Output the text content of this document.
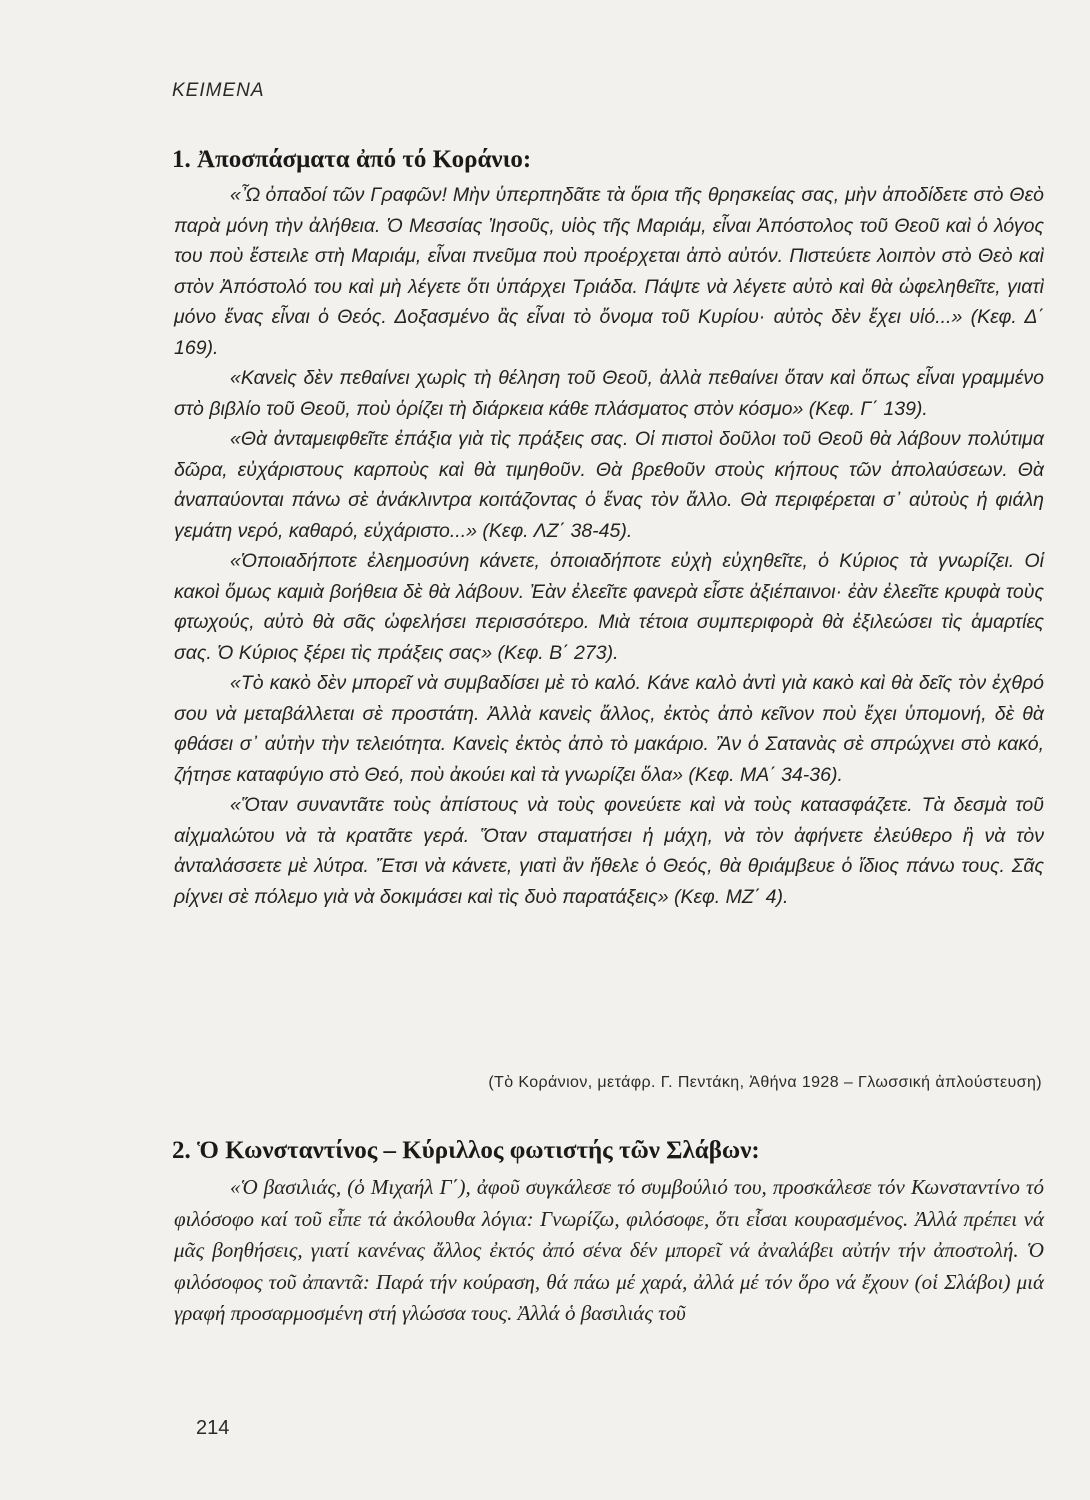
ΚΕΙΜΕΝΑ
1. Ἀποσπάσματα ἀπό τό Κοράνιο:

«Ὦ ὀπαδοί τῶν Γραφῶν! Μὴν ὑπερπηδᾶτε τὰ ὅρια τῆς θρησκείας σας, μὴν ἀποδίδετε στὸ Θεὸ παρὰ μόνη τὴν ἀλήθεια. Ὁ Μεσσίας Ἰησοῦς, υἱὸς τῆς Μαριάμ, εἶναι Ἀπόστολος τοῦ Θεοῦ καὶ ὁ λόγος του ποὺ ἔστειλε στὴ Μαριάμ, εἶναι πνεῦμα ποὺ προέρχεται ἀπὸ αὐτόν. Πιστεύετε λοιπὸν στὸ Θεὸ καὶ στὸν Ἀπόστολό του καὶ μὴ λέγετε ὅτι ὑπάρχει Τριάδα. Πάψτε νὰ λέγετε αὐτὸ καὶ θὰ ὠφεληθεῖτε, γιατὶ μόνο ἕνας εἶναι ὁ Θεός. Δοξασμένο ἂς εἶναι τὸ ὄνομα τοῦ Κυρίου· αὐτὸς δὲν ἔχει υἱό...» (Κεφ. Δ΄ 169).

«Κανεὶς δὲν πεθαίνει χωρὶς τὴ θέληση τοῦ Θεοῦ, ἀλλὰ πεθαίνει ὅταν καὶ ὅπως εἶναι γραμμένο στὸ βιβλίο τοῦ Θεοῦ, ποὺ ὁρίζει τὴ διάρκεια κάθε πλάσματος στὸν κόσμο» (Κεφ. Γ΄ 139).

«Θὰ ἀνταμειφθεῖτε ἐπάξια γιὰ τὶς πράξεις σας. Οἱ πιστοὶ δοῦλοι τοῦ Θεοῦ θὰ λάβουν πολύτιμα δῶρα, εὐχάριστους καρποὺς καὶ θὰ τιμηθοῦν. Θὰ βρεθοῦν στοὺς κήπους τῶν ἀπολαύσεων. Θὰ ἀναπαύονται πάνω σὲ ἀνάκλιντρα κοιτάζοντας ὁ ἕνας τὸν ἄλλο. Θὰ περιφέρεται σ᾽ αὐτοὺς ἡ φιάλη γεμάτη νερό, καθαρό, εὐχάριστο...» (Κεφ. ΛΖ΄ 38-45).

«Ὁποιαδήποτε ἐλεημοσύνη κάνετε, ὁποιαδήποτε εὐχὴ εὐχηθεῖτε, ὁ Κύριος τὰ γνωρίζει. Οἱ κακοὶ ὅμως καμιὰ βοήθεια δὲ θὰ λάβουν. Ἐὰν ἐλεεῖτε φανερὰ εἶστε ἀξιέπαινοι· ἐὰν ἐλεεῖτε κρυφὰ τοὺς φτωχούς, αὐτὸ θὰ σᾶς ὠφελήσει περισσότερο. Μιὰ τέτοια συμπεριφορὰ θὰ ἐξιλεώσει τὶς ἁμαρτίες σας. Ὁ Κύριος ξέρει τὶς πράξεις σας» (Κεφ. Β΄ 273).

«Τὸ κακὸ δὲν μπορεῖ νὰ συμβαδίσει μὲ τὸ καλό. Κάνε καλὸ ἀντὶ γιὰ κακὸ καὶ θὰ δεῖς τὸν ἐχθρό σου νὰ μεταβάλλεται σὲ προστάτη. Ἀλλὰ κανεὶς ἄλλος, ἐκτὸς ἀπὸ κεῖνον ποὺ ἔχει ὑπομονή, δὲ θὰ φθάσει σ᾽ αὐτὴν τὴν τελειότητα. Κανεὶς ἐκτὸς ἀπὸ τὸ μακάριο. Ἂν ὁ Σατανὰς σὲ σπρώχνει στὸ κακό, ζήτησε καταφύγιο στὸ Θεό, ποὺ ἀκούει καὶ τὰ γνωρίζει ὅλα» (Κεφ. ΜΑ΄ 34-36).

«Ὅταν συναντᾶτε τοὺς ἀπίστους νὰ τοὺς φονεύετε καὶ νὰ τοὺς κατασφάζετε. Τὰ δεσμὰ τοῦ αἰχμαλώτου νὰ τὰ κρατᾶτε γερά. Ὅταν σταματήσει ἡ μάχη, νὰ τὸν ἀφήνετε ἐλεύθερο ἢ νὰ τὸν ἀνταλάσσετε μὲ λύτρα. Ἔτσι νὰ κάνετε, γιατὶ ἂν ἤθελε ὁ Θεός, θὰ θριάμβευε ὁ ἴδιος πάνω τους. Σᾶς ρίχνει σὲ πόλεμο γιὰ νὰ δοκιμάσει καὶ τὶς δυὸ παρατάξεις» (Κεφ. ΜΖ΄ 4).

(Τὸ Κοράνιον, μετάφρ. Γ. Πεντάκη, Ἀθήνα 1928 – Γλωσσική ἀπλούστευση)
2. Ὁ Κωνσταντίνος – Κύριλλος φωτιστής τῶν Σλάβων:

«Ὁ βασιλιάς, (ὁ Μιχαήλ Γ΄), ἀφοῦ συγκάλεσε τό συμβούλιό του, προσκάλεσε τόν Κωνσταντίνο τό φιλόσοφο καί τοῦ εἶπε τά ἀκόλουθα λόγια: Γνωρίζω, φιλόσοφε, ὅτι εἶσαι κουρασμένος. Ἀλλά πρέπει νά μᾶς βοηθήσεις, γιατί κανένας ἄλλος ἐκτός ἀπό σένα δέν μπορεῖ νά ἀναλάβει αὐτήν τήν ἀποστολή. Ὁ φιλόσοφος τοῦ ἀπαντᾶ: Παρά τήν κούραση, θά πάω μέ χαρά, ἀλλά μέ τόν ὅρο νά ἔχουν (οἱ Σλάβοι) μιά γραφή προσαρμοσμένη στή γλώσσα τους. Ἀλλά ὁ βασιλιάς τοῦ

214
